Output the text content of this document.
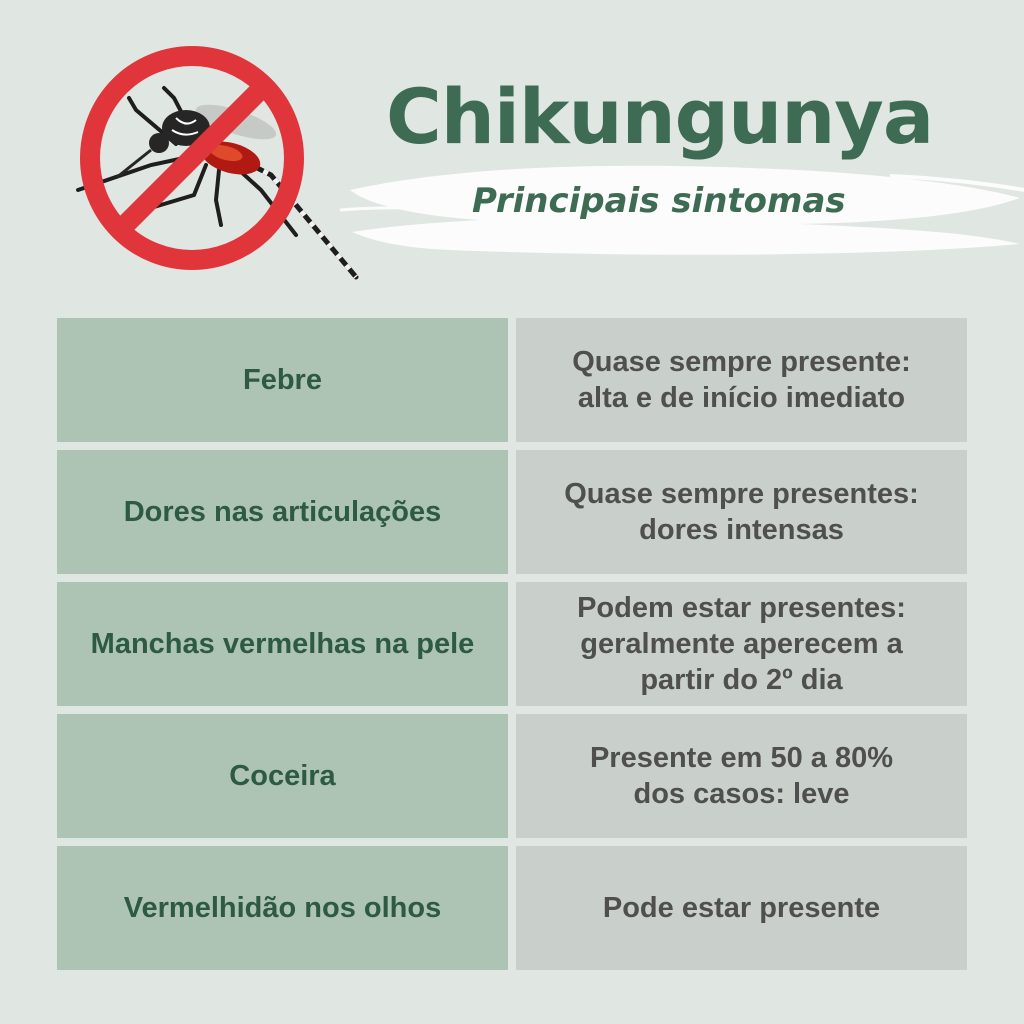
Chikungunya
Principais sintomas
Febre
Quase sempre presente:
alta e de início imediato
Dores nas articulações
Quase sempre presentes:
dores intensas
Manchas vermelhas na pele
Podem estar presentes:
geralmente aperecem a
partir do 2º dia
Coceira
Presente em 50 a 80%
dos casos: leve
Vermelhidão nos olhos	Pode estar presente
